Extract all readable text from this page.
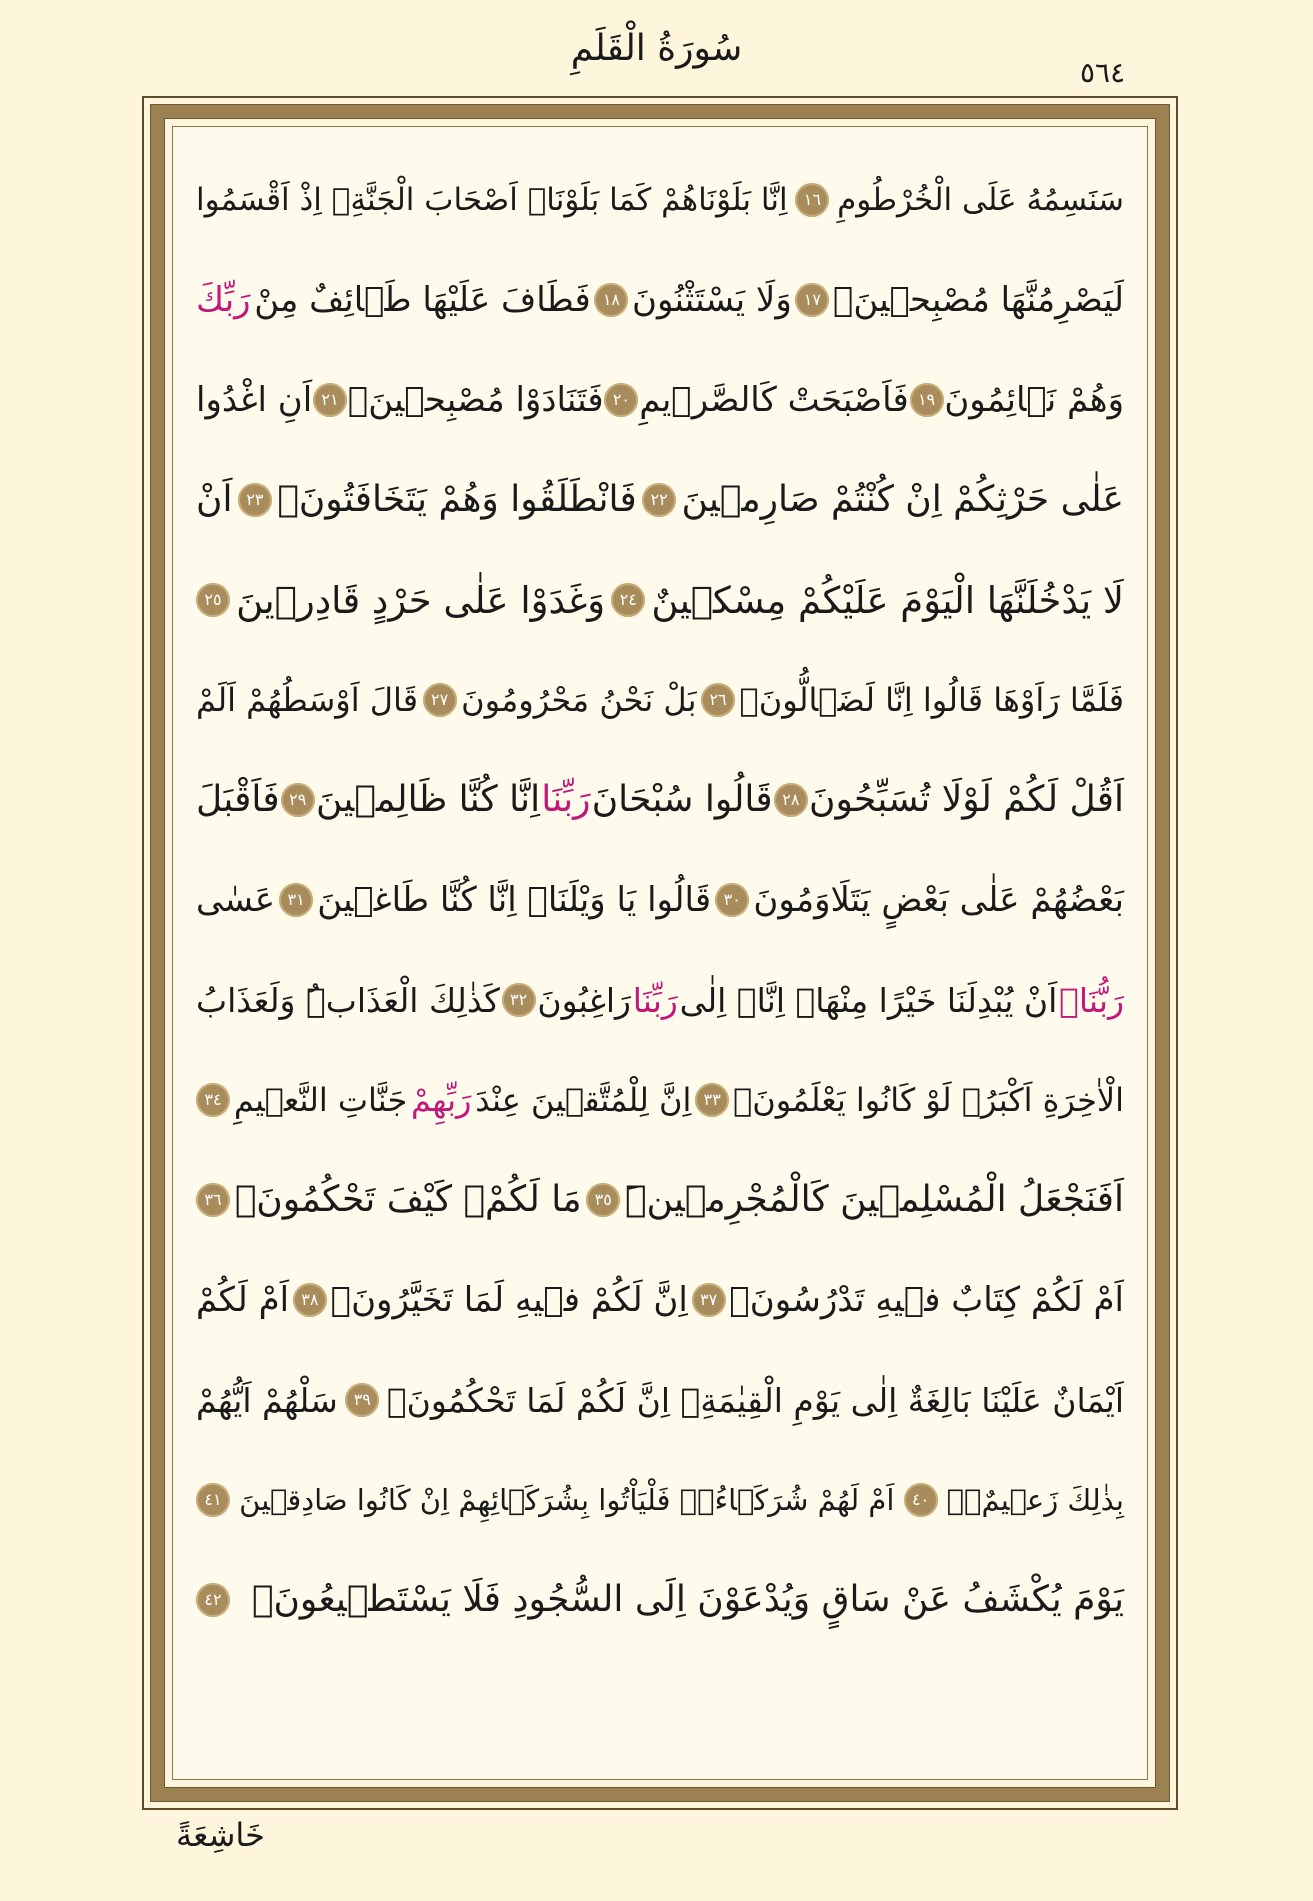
سُورَةُ الْقَلَمِ
٥٦٤
سَنَسِمُهُ عَلَى الْخُرْطُومِ
١٦
اِنَّا بَلَوْنَاهُمْ كَمَا بَلَوْنَاۤ اَصْحَابَ الْجَنَّةِۚ اِذْ اَقْسَمُوا
لَيَصْرِمُنَّهَا مُصْبِح۪ينَۙ
١٧
وَلَا يَسْتَثْنُونَ
١٨
فَطَافَ عَلَيْهَا طَۤائِفٌ مِنْ
رَبِّكَ
وَهُمْ نَۤائِمُونَ
١٩
فَاَصْبَحَتْ كَالصَّر۪يمِ
٢٠
فَتَنَادَوْا مُصْبِح۪ينَۙ
٢١
اَنِ اغْدُوا
عَلٰى حَرْثِكُمْ اِنْ كُنْتُمْ صَارِم۪ينَ
٢٢
فَانْطَلَقُوا وَهُمْ يَتَخَافَتُونَۙ
٢٣
اَنْ
لَا يَدْخُلَنَّهَا الْيَوْمَ عَلَيْكُمْ مِسْك۪ينٌ
٢٤
وَغَدَوْا عَلٰى حَرْدٍ قَادِر۪ينَ
٢٥
فَلَمَّا رَاَوْهَا قَالُوا اِنَّا لَضَۤالُّونَۙ
٢٦
بَلْ نَحْنُ مَحْرُومُونَ
٢٧
قَالَ اَوْسَطُهُمْ اَلَمْ
اَقُلْ لَكُمْ لَوْلَا تُسَبِّحُونَ
٢٨
قَالُوا سُبْحَانَ
رَبِّنَا
اِنَّا كُنَّا ظَالِم۪ينَ
٢٩
فَاَقْبَلَ
بَعْضُهُمْ عَلٰى بَعْضٍ يَتَلَاوَمُونَ
٣٠
قَالُوا يَا وَيْلَنَاۤ اِنَّا كُنَّا طَاغ۪ينَ
٣١
عَسٰى
رَبُّنَاۤ
اَنْ يُبْدِلَنَا خَيْرًا مِنْهَاۤ اِنَّاۤ اِلٰى
رَبِّنَا
رَاغِبُونَ
٣٢
كَذٰلِكَ الْعَذَابُۜ وَلَعَذَابُ
الْاٰخِرَةِ اَكْبَرُۢ لَوْ كَانُوا يَعْلَمُونَ۟
٣٣
اِنَّ لِلْمُتَّق۪ينَ عِنْدَ
رَبِّهِمْ
جَنَّاتِ النَّع۪يمِ
٣٤
اَفَنَجْعَلُ الْمُسْلِم۪ينَ كَالْمُجْرِم۪ينَۜ
٣٥
مَا لَكُمْ۠ كَيْفَ تَحْكُمُونَۚ
٣٦
اَمْ لَكُمْ كِتَابٌ ف۪يهِ تَدْرُسُونَۙ
٣٧
اِنَّ لَكُمْ ف۪يهِ لَمَا تَخَيَّرُونَۚ
٣٨
اَمْ لَكُمْ
اَيْمَانٌ عَلَيْنَا بَالِغَةٌ اِلٰى يَوْمِ الْقِيٰمَةِۙ اِنَّ لَكُمْ لَمَا تَحْكُمُونَۚ
٣٩
سَلْهُمْ اَيُّهُمْ
بِذٰلِكَ زَع۪يمٌۚۛ
٤٠
اَمْ لَهُمْ شُرَكَۤاءُۚۛ فَلْيَاْتُوا بِشُرَكَۤائِهِمْ اِنْ كَانُوا صَادِق۪ينَ
٤١
يَوْمَ يُكْشَفُ عَنْ سَاقٍ وَيُدْعَوْنَ اِلَى السُّجُودِ فَلَا يَسْتَط۪يعُونَۙ
٤٢
خَاشِعَةً
